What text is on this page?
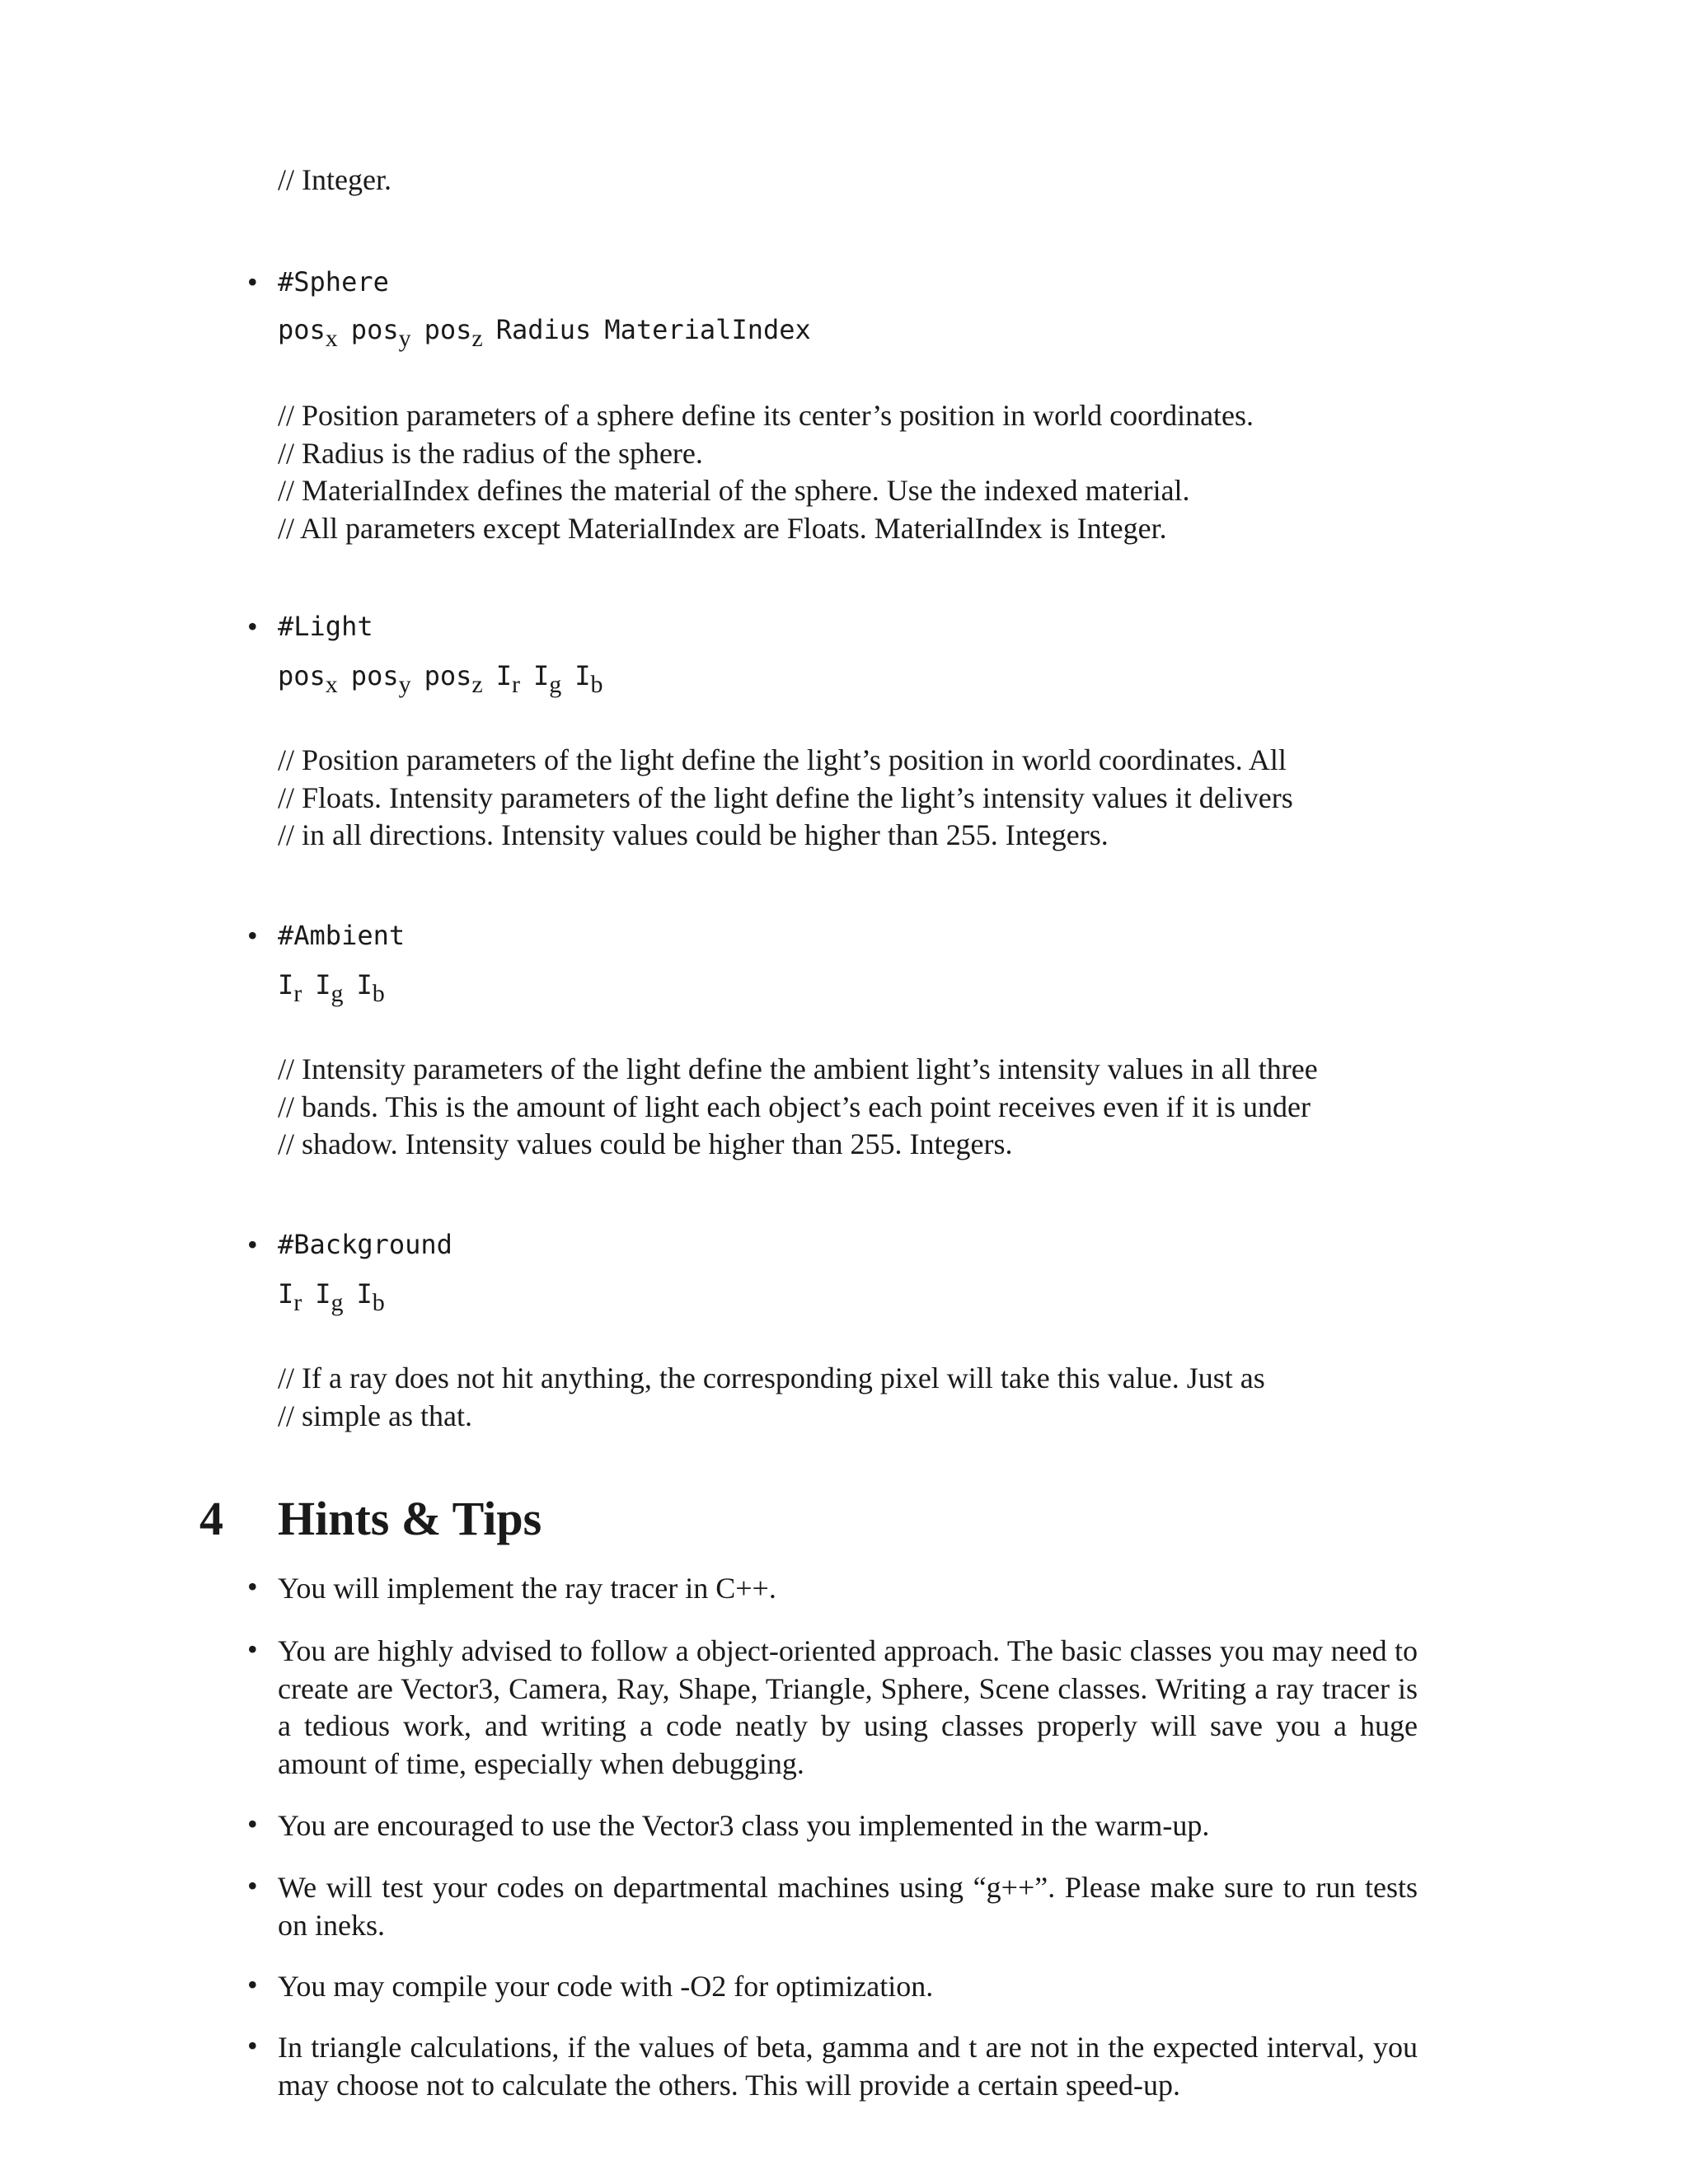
// Integer.
• #Sphere
pos$_x$ pos$_y$ pos$_z$ Radius MaterialIndex
// Position parameters of a sphere define its center’s position in world coordinates.
// Radius is the radius of the sphere.
// MaterialIndex defines the material of the sphere. Use the indexed material.
// All parameters except MaterialIndex are Floats. MaterialIndex is Integer.
• #Light
pos$_x$ pos$_y$ pos$_z$ $I_r$ $I_g$ $I_b$
// Position parameters of the light define the light’s position in world coordinates. All
// Floats. Intensity parameters of the light define the light’s intensity values it delivers
// in all directions. Intensity values could be higher than 255. Integers.
• #Ambient
$I_r$ $I_g$ $I_b$
// Intensity parameters of the light define the ambient light’s intensity values in all three
// bands. This is the amount of light each object’s each point receives even if it is under
// shadow. Intensity values could be higher than 255. Integers.
• #Background
$I_r$ $I_g$ $I_b$
// If a ray does not hit anything, the corresponding pixel will take this value. Just as
// simple as that.
4 Hints & Tips
• You will implement the ray tracer in C++.
• You are highly advised to follow a object-oriented approach. The basic classes you may need to create are Vector3, Camera, Ray, Shape, Triangle, Sphere, Scene classes. Writing a ray tracer is a tedious work, and writing a code neatly by using classes properly will save you a huge amount of time, especially when debugging.
• You are encouraged to use the Vector3 class you implemented in the warm-up.
• We will test your codes on departmental machines using “g++”. Please make sure to run tests on ineks.
• You may compile your code with -O2 for optimization.
• In triangle calculations, if the values of beta, gamma and t are not in the expected interval, you may choose not to calculate the others. This will provide a certain speed-up.
